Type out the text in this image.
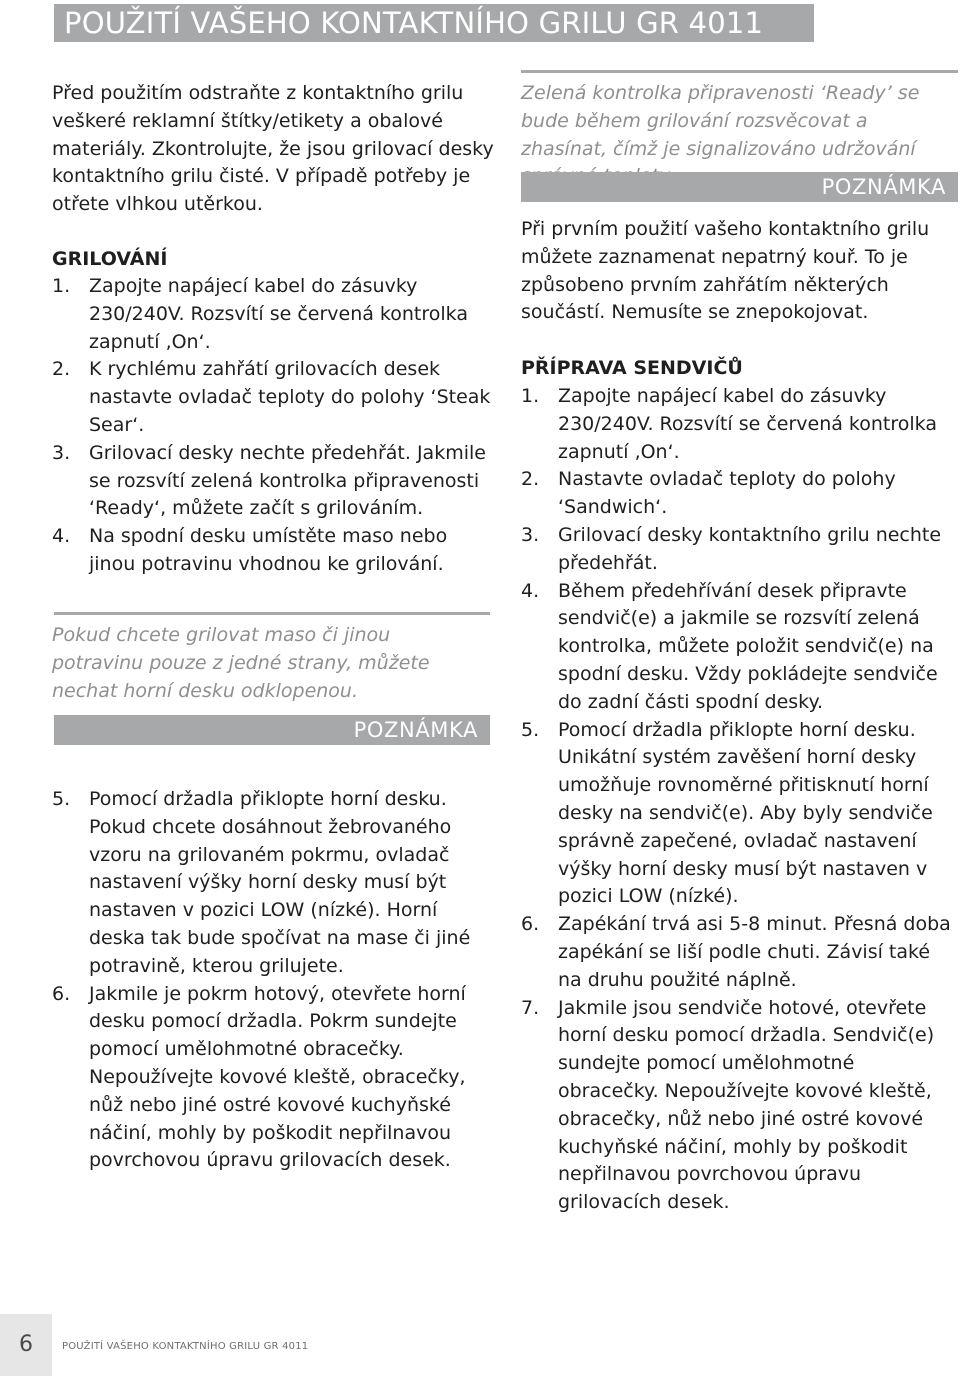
POUŽITÍ VAŠEHO KONTAKTNÍHO GRILU GR 4011
Před použitím odstraňte z kontaktního grilu veškeré reklamní štítky/etikety a obalové materiály. Zkontrolujte, že jsou grilovací desky kontaktního grilu čisté. V případě potřeby je otřete vlhkou utěrkou.
GRILOVÁNÍ
1. Zapojte napájecí kabel do zásuvky 230/240V. Rozsvítí se červená kontrolka zapnutí ‚On‘.
2. K rychlému zahřátí grilovacích desek nastavte ovladač teploty do polohy ‘Steak Sear‘.
3. Grilovací desky nechte předehřát. Jakmile se rozsvítí zelená kontrolka připravenosti ‘Ready‘, můžete začít s grilováním.
4. Na spodní desku umístěte maso nebo jinou potravinu vhodnou ke grilování.
Pokud chcete grilovat maso či jinou potravinu pouze z jedné strany, můžete nechat horní desku odklopenou.
POZNÁMKA
5. Pomocí držadla přiklopte horní desku. Pokud chcete dosáhnout žebrovaného vzoru na grilovaném pokrmu, ovladač nastavení výšky horní desky musí být nastaven v pozici LOW (nízké). Horní deska tak bude spočívat na mase či jiné potravině, kterou grilujete.
6. Jakmile je pokrm hotový, otevřete horní desku pomocí držadla. Pokrm sundejte pomocí umělohmotné obracečky. Nepoužívejte kovové kleště, obracečky, nůž nebo jiné ostré kovové kuchyňské náčiní, mohly by poškodit nepřilnavou povrchovou úpravu grilovacích desek.
Zelená kontrolka připravenosti ‘Ready’ se bude během grilování rozsvěcovat a zhasínat, čímž je signalizováno udržování
POZNÁMKA
Při prvním použití vašeho kontaktního grilu můžete zaznamenat nepatrný kouř. To je způsobeno prvním zahřátím některých součástí. Nemusíte se znepokojovat.
PŘÍPRAVA SENDVIČŮ
1. Zapojte napájecí kabel do zásuvky 230/240V. Rozsvítí se červená kontrolka zapnutí ‚On‘.
2. Nastavte ovladač teploty do polohy ‘Sandwich‘.
3. Grilovací desky kontaktního grilu nechte předehřát.
4. Během předehřívání desek připravte sendvič(e) a jakmile se rozsvítí zelená kontrolka, můžete položit sendvič(e) na spodní desku. Vždy pokládejte sendviče do zadní části spodní desky.
5. Pomocí držadla přiklopte horní desku. Unikátní systém zavěšení horní desky umožňuje rovnoměrné přitisknutí horní desky na sendvič(e). Aby byly sendviče správně zapečené, ovladač nastavení výšky horní desky musí být nastaven v pozici LOW (nízké).
6. Zapékání trvá asi 5-8 minut. Přesná doba zapékání se liší podle chuti. Závisí také na druhu použité náplně.
7. Jakmile jsou sendviče hotové, otevřete horní desku pomocí držadla. Sendvič(e) sundejte pomocí umělohmotné obracečky. Nepoužívejte kovové kleště, obracečky, nůž nebo jiné ostré kovové kuchyňské náčiní, mohly by poškodit nepřilnavou povrchovou úpravu grilovacích desek.
6	POUŽITÍ VAŠEHO KONTAKTNÍHO GRILU GR 4011
